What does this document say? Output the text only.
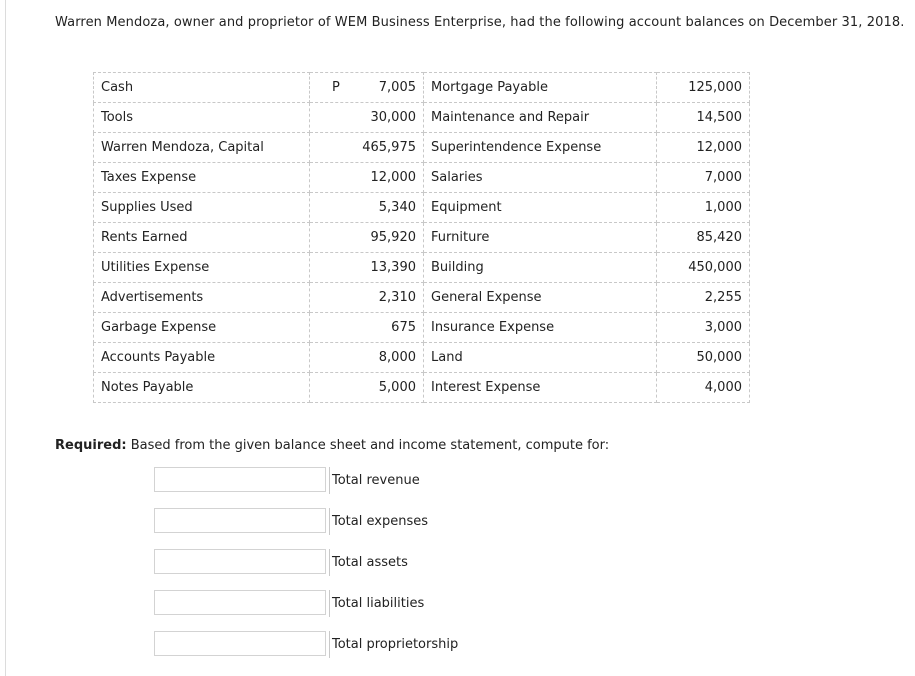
Warren Mendoza, owner and proprietor of WEM Business Enterprise, had the following account balances on December 31, 2018.
Cash	P 7,005	Mortgage Payable	125,000
Tools	30,000	Maintenance and Repair	14,500
Warren Mendoza, Capital	465,975	Superintendence Expense	12,000
Taxes Expense	12,000	Salaries	7,000
Supplies Used	5,340	Equipment	1,000
Rents Earned	95,920	Furniture	85,420
Utilities Expense	13,390	Building	450,000
Advertisements	2,310	General Expense	2,255
Garbage Expense	675	Insurance Expense	3,000
Accounts Payable	8,000	Land	50,000
Notes Payable	5,000	Interest Expense	4,000
Required: Based from the given balance sheet and income statement, compute for:
Total revenue
Total expenses
Total assets
Total liabilities
Total proprietorship
